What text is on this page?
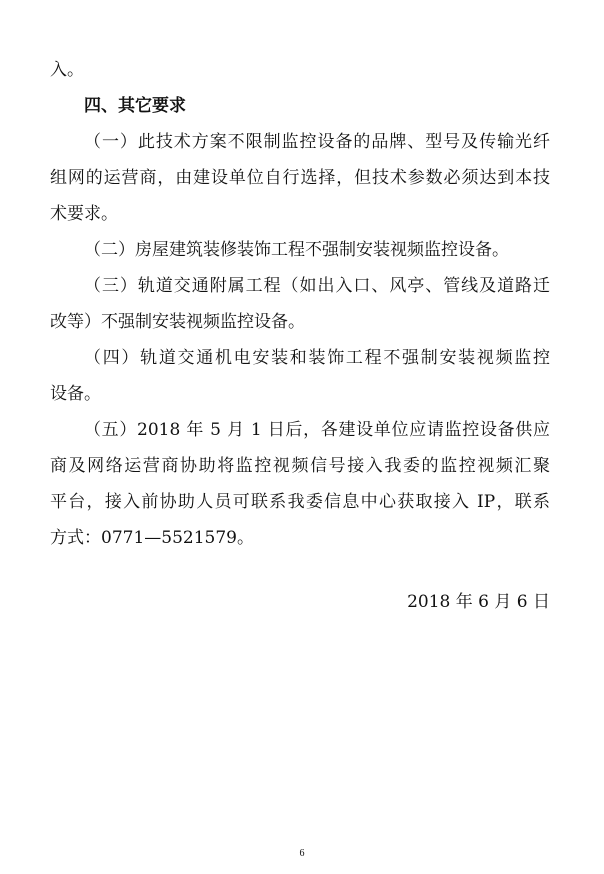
入。
四、其它要求
（一）此技术方案不限制监控设备的品牌、型号及传输光纤
组网的运营商，由建设单位自行选择，但技术参数必须达到本技
术要求。
（二）房屋建筑装修装饰工程不强制安装视频监控设备。
（三）轨道交通附属工程（如出入口、风亭、管线及道路迁
改等）不强制安装视频监控设备。
（四）轨道交通机电安装和装饰工程不强制安装视频监控
设备。
（五）2018 年 5 月 1 日后，各建设单位应请监控设备供应
商及网络运营商协助将监控视频信号接入我委的监控视频汇聚
平台，接入前协助人员可联系我委信息中心获取接入 IP，联系
方式：0771—5521579。
2018 年 6 月 6 日
6
